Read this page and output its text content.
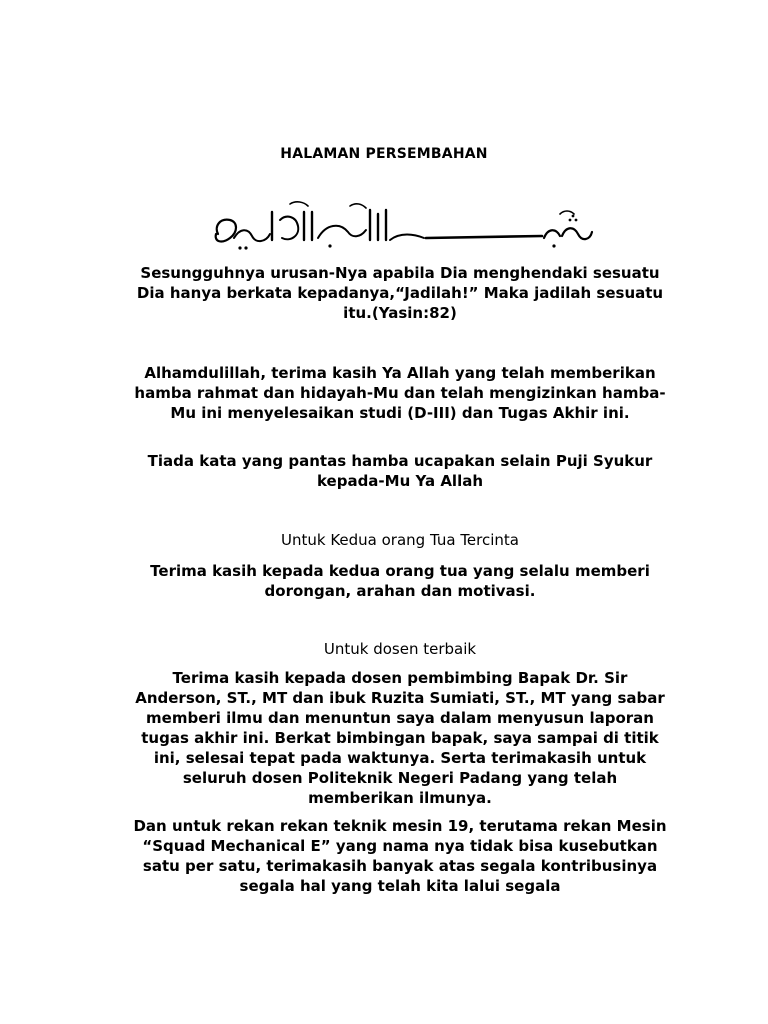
HALAMAN PERSEMBAHAN

Sesungguhnya urusan-Nya apabila Dia menghendaki sesuatu Dia hanya berkata kepadanya,“Jadilah!” Maka jadilah sesuatu itu.(Yasin:82)

Alhamdulillah, terima kasih Ya Allah yang telah memberikan hamba rahmat dan hidayah-Mu dan telah mengizinkan hamba-Mu ini menyelesaikan studi (D-III) dan Tugas Akhir ini.

Tiada kata yang pantas hamba ucapakan selain Puji Syukur kepada-Mu Ya Allah

Untuk Kedua orang Tua Tercinta

Terima kasih kepada kedua orang tua yang selalu memberi dorongan, arahan dan motivasi.

Untuk dosen terbaik

Terima kasih kepada dosen pembimbing Bapak Dr. Sir Anderson, ST., MT dan ibuk Ruzita Sumiati, ST., MT yang sabar memberi ilmu dan menuntun saya dalam menyusun laporan tugas akhir ini. Berkat bimbingan bapak, saya sampai di titik ini, selesai tepat pada waktunya. Serta terimakasih untuk seluruh dosen Politeknik Negeri Padang yang telah memberikan ilmunya.

Dan untuk rekan rekan teknik mesin 19, terutama rekan Mesin “Squad Mechanical E” yang nama nya tidak bisa kusebutkan satu per satu, terimakasih banyak atas segala kontribusinya segala hal yang telah kita lalui segala
